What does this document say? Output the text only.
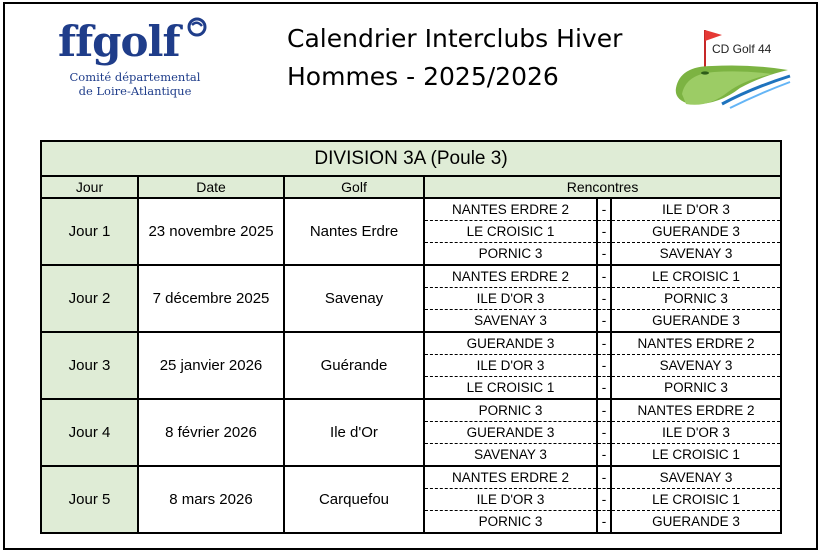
ffgolf
Comité départemental
de Loire-Atlantique
Calendrier Interclubs Hiver
Hommes - 2025/2026
CD Golf 44
DIVISION 3A (Poule 3)					
Jour	Date	Golf	Rencontres		
Jour 1	23 novembre 2025	Nantes Erdre	NANTES ERDRE 2	-	ILE D'OR 3
			LE CROISIC 1	-	GUERANDE 3
			PORNIC 3	-	SAVENAY 3
Jour 2	7 décembre 2025	Savenay	NANTES ERDRE 2	-	LE CROISIC 1
			ILE D'OR 3	-	PORNIC 3
			SAVENAY 3	-	GUERANDE 3
Jour 3	25 janvier 2026	Guérande	GUERANDE 3	-	NANTES ERDRE 2
			ILE D'OR 3	-	SAVENAY 3
			LE CROISIC 1	-	PORNIC 3
Jour 4	8 février 2026	Ile d'Or	PORNIC 3	-	NANTES ERDRE 2
			GUERANDE 3	-	ILE D'OR 3
			SAVENAY 3	-	LE CROISIC 1
Jour 5	8 mars 2026	Carquefou	NANTES ERDRE 2	-	SAVENAY 3
			ILE D'OR 3	-	LE CROISIC 1
			PORNIC 3	-	GUERANDE 3
